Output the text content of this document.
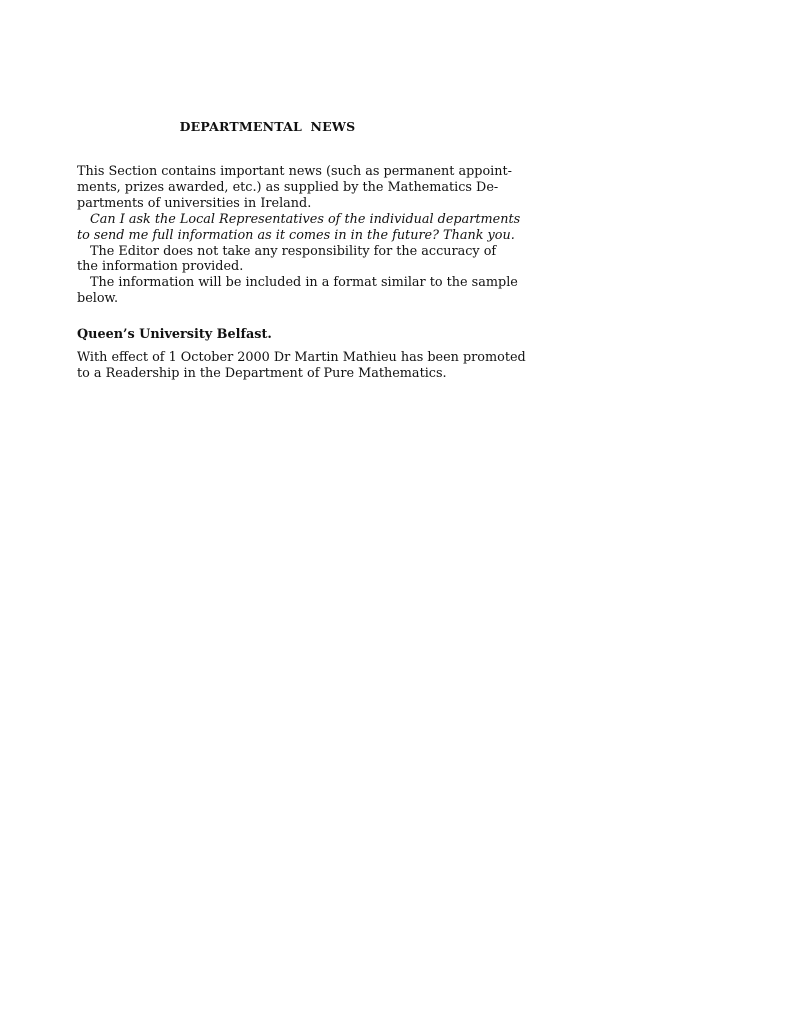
DEPARTMENTAL NEWS

This Section contains important news (such as permanent appoint-
ments, prizes awarded, etc.) as supplied by the Mathematics De-
partments of universities in Ireland.

Can I ask the Local Representatives of the individual departments
to send me full information as it comes in in the future? Thank you.

The Editor does not take any responsibility for the accuracy of
the information provided.

The information will be included in a format similar to the sample
below.

Queen’s University Belfast.

With effect of 1 October 2000 Dr Martin Mathieu has been promoted
to a Readership in the Department of Pure Mathematics.
